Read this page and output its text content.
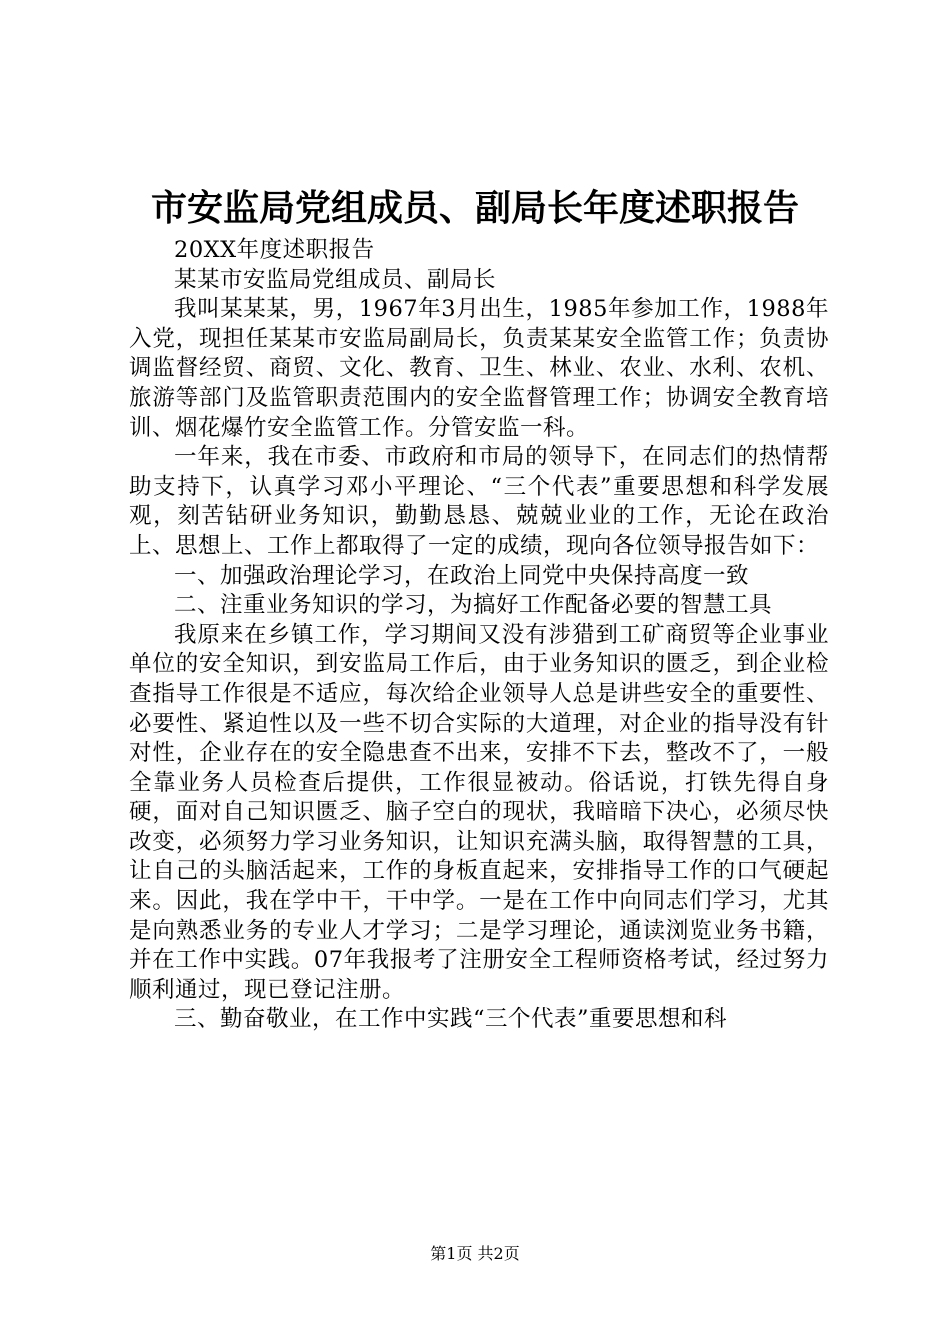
市安监局党组成员、副局长年度述职报告

20XX年度述职报告

某某市安监局党组成员、副局长

我叫某某某，男，1967年3月出生，1985年参加工作，1988年入党，现担任某某市安监局副局长，负责某某安全监管工作；负责协调监督经贸、商贸、文化、教育、卫生、林业、农业、水利、农机、旅游等部门及监管职责范围内的安全监督管理工作；协调安全教育培训、烟花爆竹安全监管工作。分管安监一科。

一年来，我在市委、市政府和市局的领导下，在同志们的热情帮助支持下，认真学习邓小平理论、“三个代表”重要思想和科学发展观，刻苦钻研业务知识，勤勤恳恳、兢兢业业的工作，无论在政治上、思想上、工作上都取得了一定的成绩，现向各位领导报告如下：

一、加强政治理论学习，在政治上同党中央保持高度一致

二、注重业务知识的学习，为搞好工作配备必要的智慧工具

我原来在乡镇工作，学习期间又没有涉猎到工矿商贸等企业事业单位的安全知识，到安监局工作后，由于业务知识的匮乏，到企业检查指导工作很是不适应，每次给企业领导人总是讲些安全的重要性、必要性、紧迫性以及一些不切合实际的大道理，对企业的指导没有针对性，企业存在的安全隐患查不出来，安排不下去，整改不了，一般全靠业务人员检查后提供，工作很显被动。俗话说，打铁先得自身硬，面对自己知识匮乏、脑子空白的现状，我暗暗下决心，必须尽快改变，必须努力学习业务知识，让知识充满头脑，取得智慧的工具，让自己的头脑活起来，工作的身板直起来，安排指导工作的口气硬起来。因此，我在学中干，干中学。一是在工作中向同志们学习，尤其是向熟悉业务的专业人才学习；二是学习理论，通读浏览业务书籍，并在工作中实践。07年我报考了注册安全工程师资格考试，经过努力顺利通过，现已登记注册。

三、勤奋敬业，在工作中实践“三个代表”重要思想和科

第1页 共2页
